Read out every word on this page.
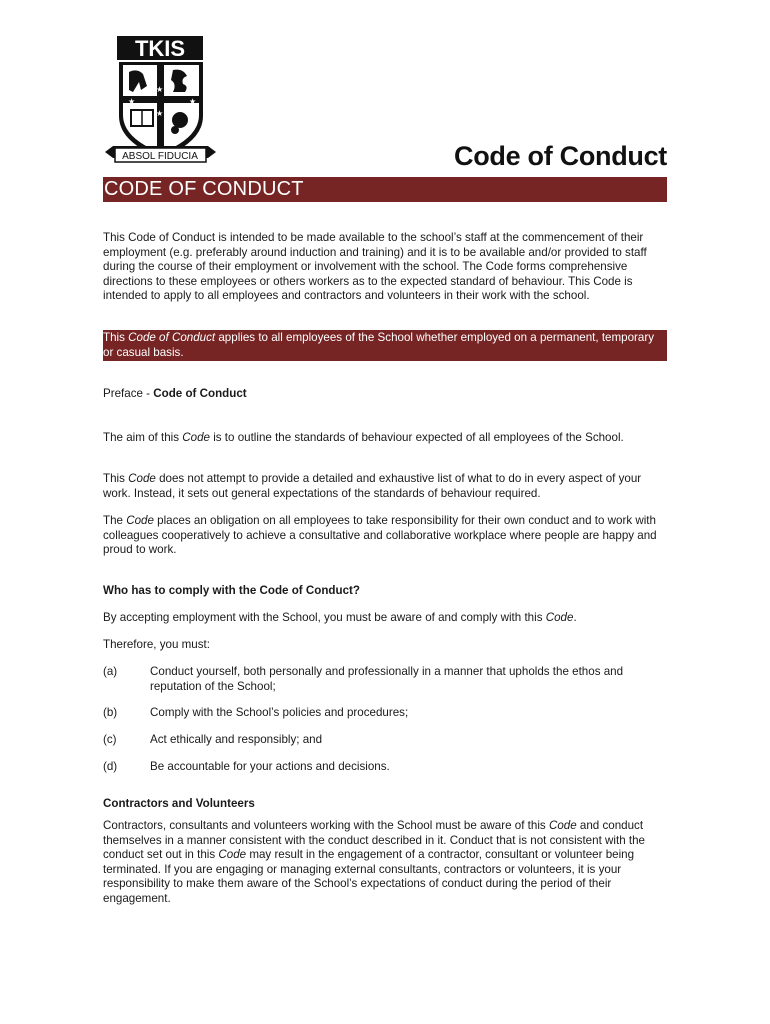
TKIS
★	★
★
★
ABSOL FIDUCIA	Code of Conduct
CODE OF CONDUCT

This Code of Conduct is intended to be made available to the school’s staff at the commencement of their employment (e.g. preferably around induction and training) and it is to be available and/or provided to staff during the course of their employment or involvement with the school. The Code forms comprehensive directions to these employees or others workers as to the expected standard of behaviour. This Code is intended to apply to all employees and contractors and volunteers in their work with the school.

This Code of Conduct applies to all employees of the School whether employed on a permanent, temporary or casual basis.

Preface - Code of Conduct

The aim of this Code is to outline the standards of behaviour expected of all employees of the School.

This Code does not attempt to provide a detailed and exhaustive list of what to do in every aspect of your work. Instead, it sets out general expectations of the standards of behaviour required.

The Code places an obligation on all employees to take responsibility for their own conduct and to work with colleagues cooperatively to achieve a consultative and collaborative workplace where people are happy and proud to work.

Who has to comply with the Code of Conduct?

By accepting employment with the School, you must be aware of and comply with this Code.

Therefore, you must:

(a)	Conduct yourself, both personally and professionally in a manner that upholds the ethos and reputation of the School;
(b)	Comply with the School’s policies and procedures;
(c)	Act ethically and responsibly; and
(d)	Be accountable for your actions and decisions.

Contractors and Volunteers

Contractors, consultants and volunteers working with the School must be aware of this Code and conduct themselves in a manner consistent with the conduct described in it. Conduct that is not consistent with the conduct set out in this Code may result in the engagement of a contractor, consultant or volunteer being terminated. If you are engaging or managing external consultants, contractors or volunteers, it is your responsibility to make them aware of the School’s expectations of conduct during the period of their engagement.
